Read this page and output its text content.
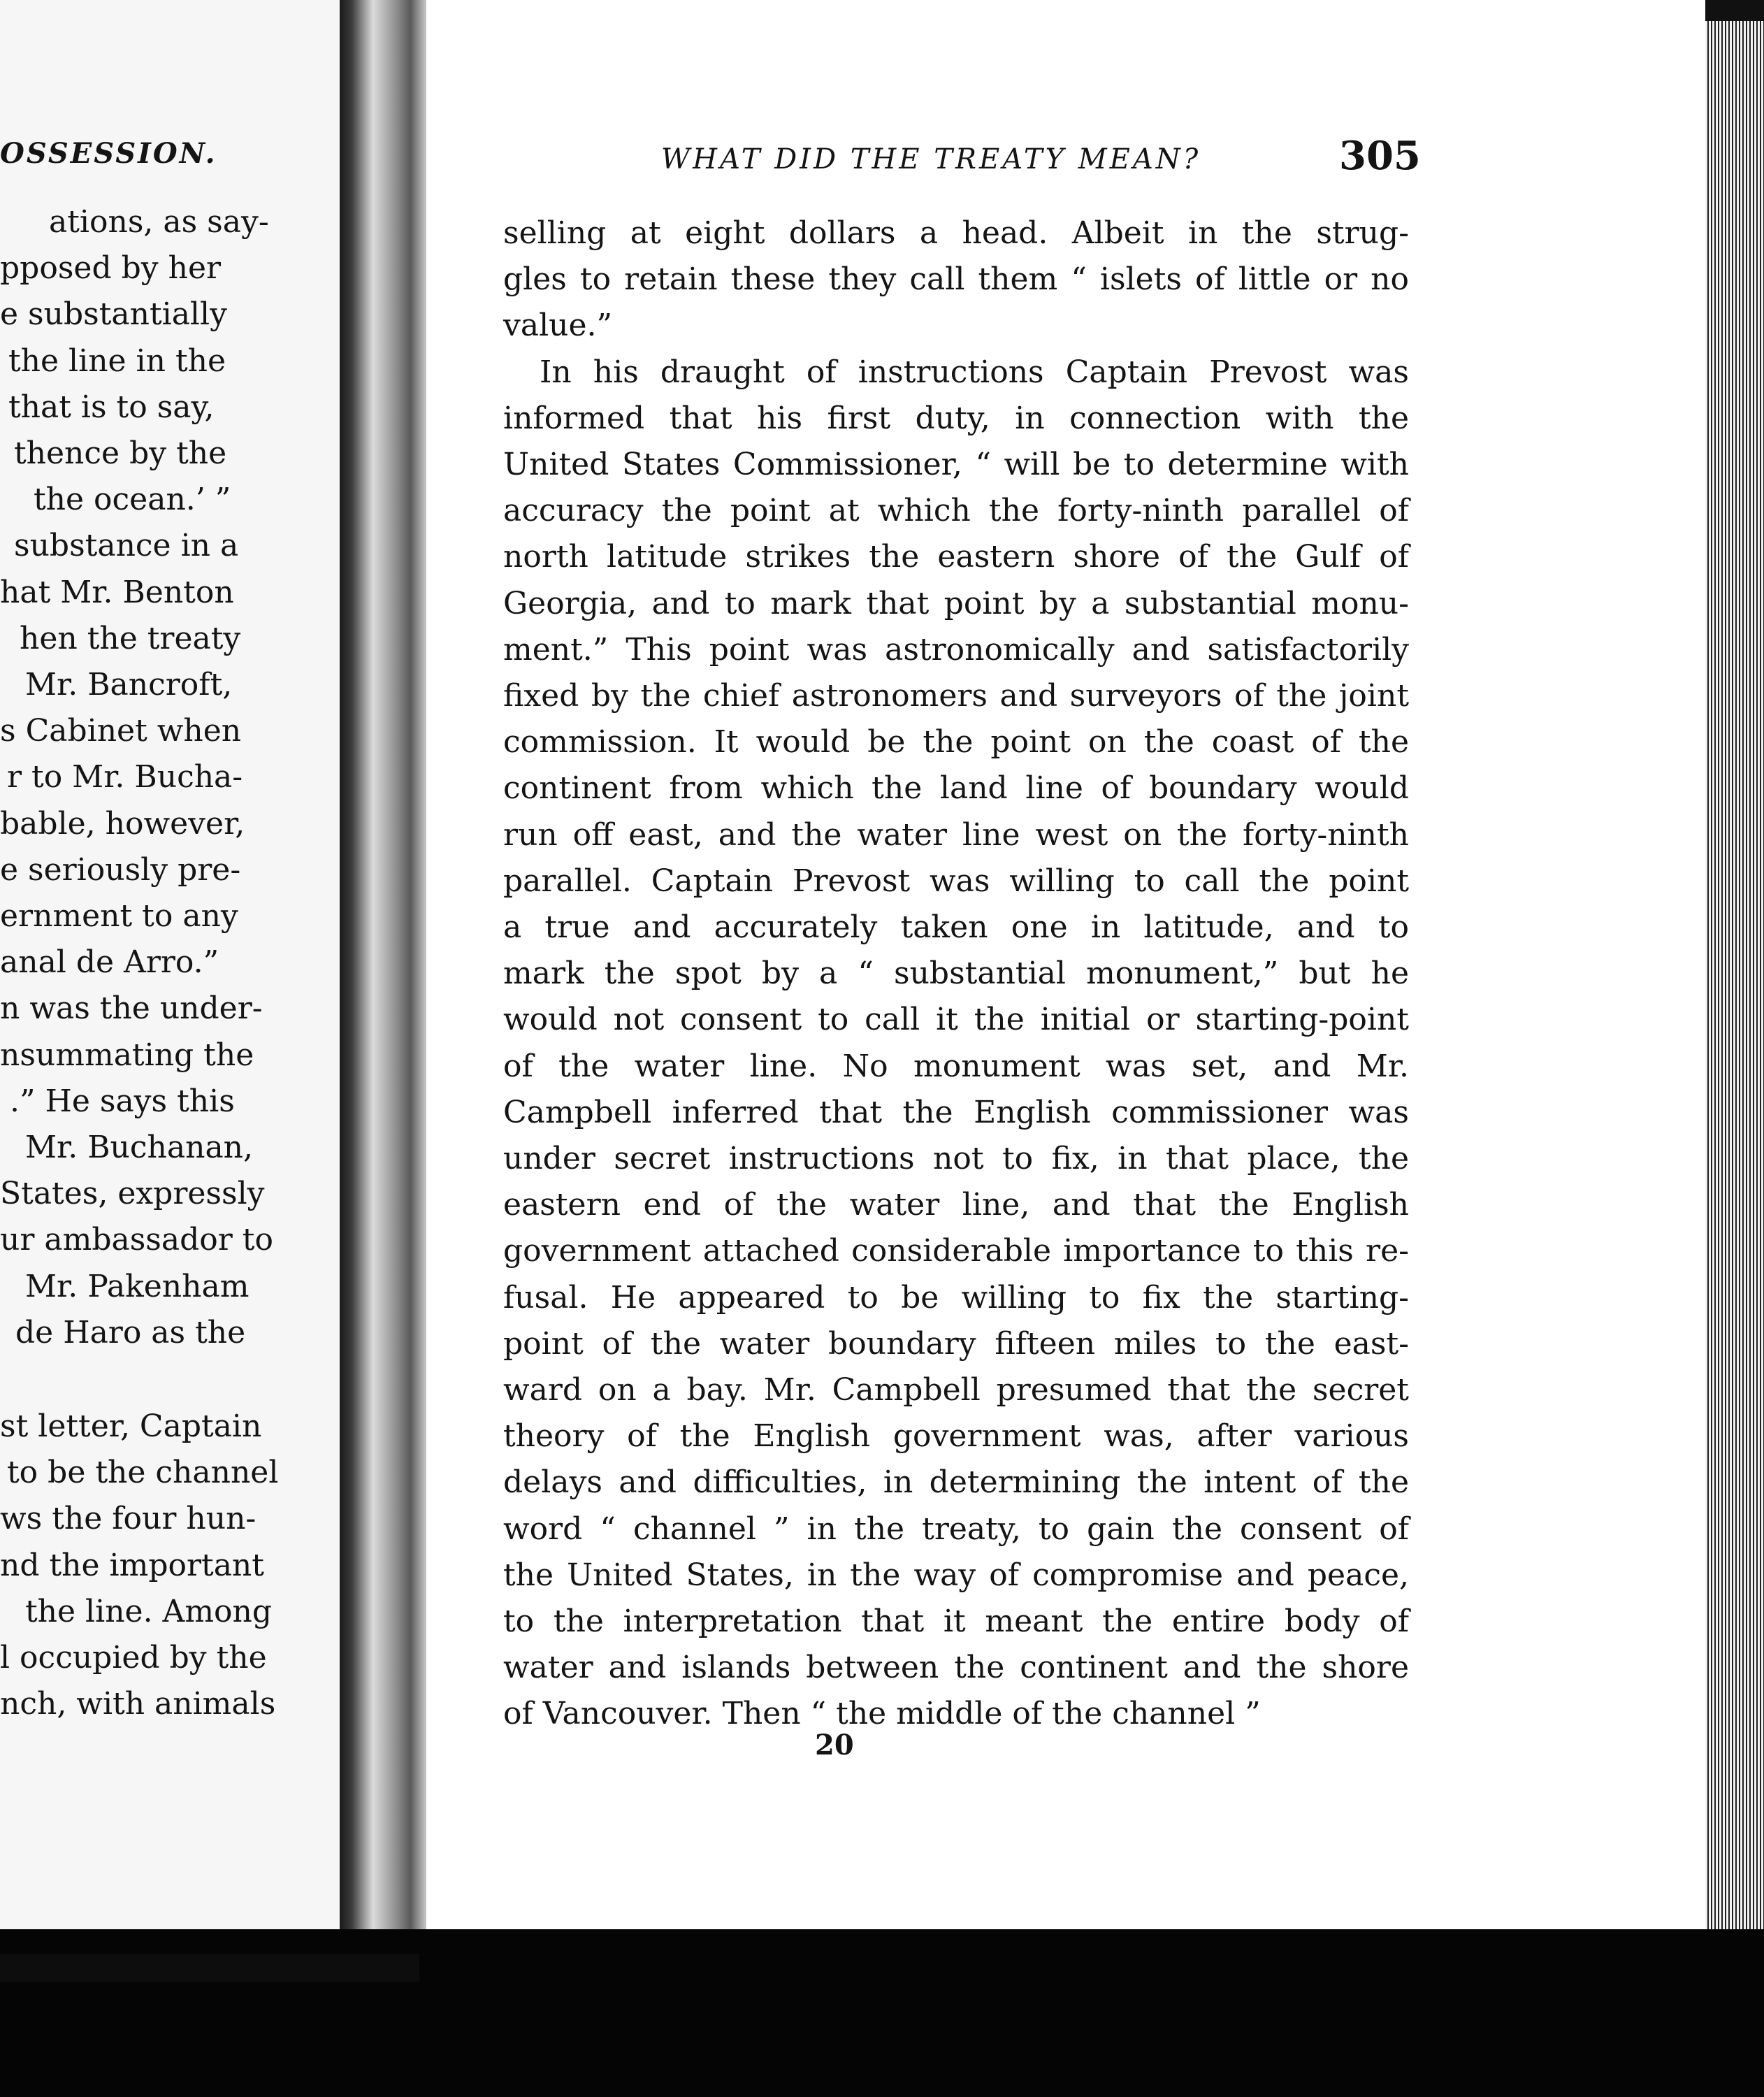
OSSESSION.
ations, as say-
pposed by her
e substantially
the line in the
that is to say,
thence by the
the ocean.’ ”
substance in a
hat Mr. Benton
hen the treaty
Mr. Bancroft,
s Cabinet when
r to Mr. Bucha-
bable, however,
e seriously pre-
ernment to any
anal de Arro.”
n was the under-
nsummating the
.” He says this
Mr. Buchanan,
States, expressly
ur ambassador to
Mr. Pakenham
de Haro as the
st letter, Captain
to be the channel
ws the four hun-
nd the important
the line. Among
l occupied by the
nch, with animals
WHAT DID THE TREATY MEAN?	305
selling at eight dollars a head. Albeit in the strug-
gles to retain these they call them “ islets of little or no
value.”
In his draught of instructions Captain Prevost was
informed that his first duty, in connection with the
United States Commissioner, “ will be to determine with
accuracy the point at which the forty-ninth parallel of
north latitude strikes the eastern shore of the Gulf of
Georgia, and to mark that point by a substantial monu-
ment.” This point was astronomically and satisfactorily
fixed by the chief astronomers and surveyors of the joint
commission. It would be the point on the coast of the
continent from which the land line of boundary would
run off east, and the water line west on the forty-ninth
parallel. Captain Prevost was willing to call the point
a true and accurately taken one in latitude, and to
mark the spot by a “ substantial monument,” but he
would not consent to call it the initial or starting-point
of the water line. No monument was set, and Mr.
Campbell inferred that the English commissioner was
under secret instructions not to fix, in that place, the
eastern end of the water line, and that the English
government attached considerable importance to this re-
fusal. He appeared to be willing to fix the starting-
point of the water boundary fifteen miles to the east-
ward on a bay. Mr. Campbell presumed that the secret
theory of the English government was, after various
delays and difficulties, in determining the intent of the
word “ channel ” in the treaty, to gain the consent of
the United States, in the way of compromise and peace,
to the interpretation that it meant the entire body of
water and islands between the continent and the shore
of Vancouver. Then “ the middle of the channel ”
20
